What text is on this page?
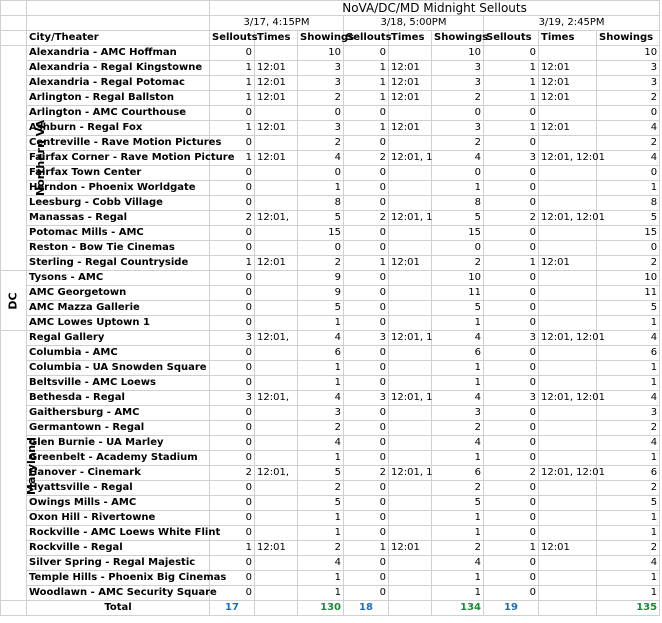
		NoVA/DC/MD Midnight Sellouts								
		3/17, 4:15PM			3/18, 5:00PM			3/19, 2:45PM		
	City/Theater	Sellouts	Times	Showings	Sellouts	Times	Showings	Sellouts	Times	Showings
Northern VA	Alexandria - AMC Hoffman	0		10	0		10	0		10
	Alexandria - Regal Kingstowne	1	12:01	3	1	12:01	3	1	12:01	3
	Alexandria - Regal Potomac	1	12:01	3	1	12:01	3	1	12:01	3
	Arlington - Regal Ballston	1	12:01	2	1	12:01	2	1	12:01	2
	Arlington - AMC Courthouse	0		0	0		0	0		0
	Ashburn - Regal Fox	1	12:01	3	1	12:01	3	1	12:01	4
	Centreville - Rave Motion Pictures	0		2	0		2	0		2
	Fairfax Corner - Rave Motion Picture	1	12:01	4	2	12:01, 1	4	3	12:01, 12:01	4
	Fairfax Town Center	0		0	0		0	0		0
	Herndon - Phoenix Worldgate	0		1	0		1	0		1
	Leesburg - Cobb Village	0		8	0		8	0		8
	Manassas - Regal	2	12:01,	5	2	12:01, 1	5	2	12:01, 12:01	5
	Potomac Mills - AMC	0		15	0		15	0		15
	Reston - Bow Tie Cinemas	0		0	0		0	0		0
	Sterling - Regal Countryside	1	12:01	2	1	12:01	2	1	12:01	2
DC	Tysons - AMC	0		9	0		10	0		10
	AMC Georgetown	0		9	0		11	0		11
	AMC Mazza Gallerie	0		5	0		5	0		5
	AMC Lowes Uptown 1	0		1	0		1	0		1
Maryland	Regal Gallery	3	12:01,	4	3	12:01, 1	4	3	12:01, 12:01	4
	Columbia - AMC	0		6	0		6	0		6
	Columbia - UA Snowden Square	0		1	0		1	0		1
	Beltsville - AMC Loews	0		1	0		1	0		1
	Bethesda - Regal	3	12:01,	4	3	12:01, 1	4	3	12:01, 12:01	4
	Gaithersburg - AMC	0		3	0		3	0		3
	Germantown - Regal	0		2	0		2	0		2
	Glen Burnie - UA Marley	0		4	0		4	0		4
	Greenbelt - Academy Stadium	0		1	0		1	0		1
	Hanover - Cinemark	2	12:01,	5	2	12:01, 1	6	2	12:01, 12:01	6
	Hyattsville - Regal	0		2	0		2	0		2
	Owings Mills - AMC	0		5	0		5	0		5
	Oxon Hill - Rivertowne	0		1	0		1	0		1
	Rockville - AMC Loews White Flint	0		1	0		1	0		1
	Rockville - Regal	1	12:01	2	1	12:01	2	1	12:01	2
	Silver Spring - Regal Majestic	0		4	0		4	0		4
	Temple Hills - Phoenix Big Cinemas	0		1	0		1	0		1
	Woodlawn - AMC Security Square	0		1	0		1	0		1
	Total	17		130	18		134	19		135
